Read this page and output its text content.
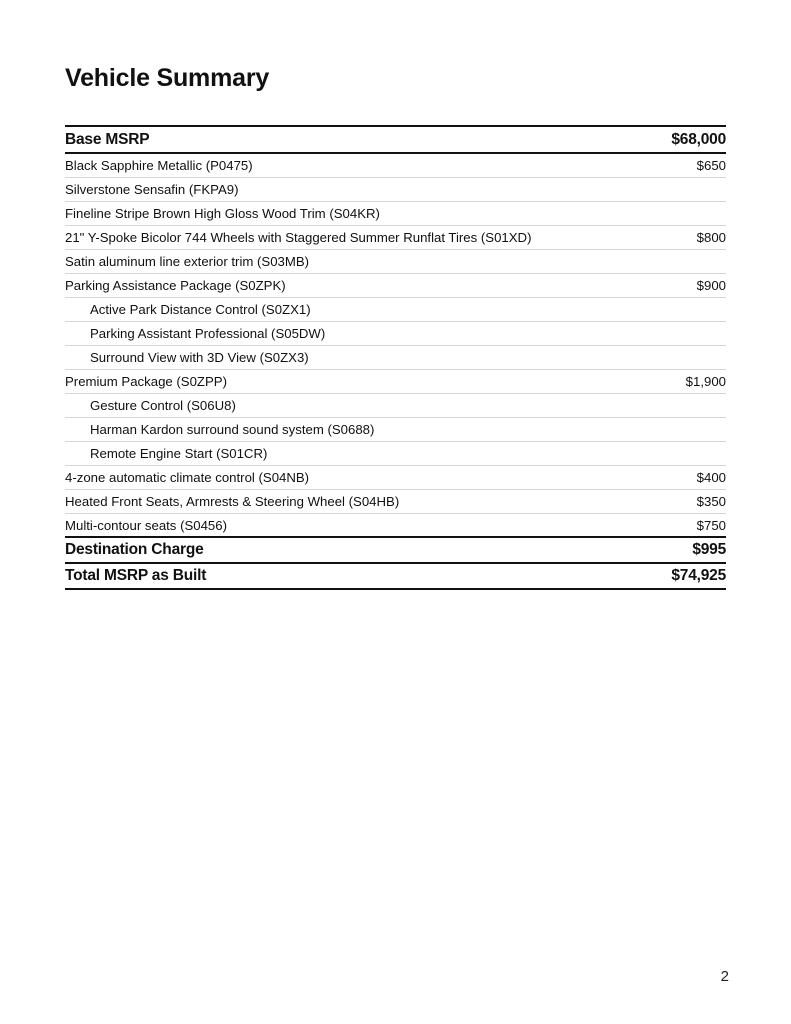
Vehicle Summary
Base MSRP	$68,000
Black Sapphire Metallic (P0475)	$650
Silverstone Sensafin (FKPA9)
Fineline Stripe Brown High Gloss Wood Trim (S04KR)
21" Y-Spoke Bicolor 744 Wheels with Staggered Summer Runflat Tires (S01XD)	$800
Satin aluminum line exterior trim (S03MB)
Parking Assistance Package (S0ZPK)	$900
Active Park Distance Control (S0ZX1)
Parking Assistant Professional (S05DW)
Surround View with 3D View (S0ZX3)
Premium Package (S0ZPP)	$1,900
Gesture Control (S06U8)
Harman Kardon surround sound system (S0688)
Remote Engine Start (S01CR)
4-zone automatic climate control (S04NB)	$400
Heated Front Seats, Armrests & Steering Wheel (S04HB)	$350
Multi-contour seats (S0456)	$750
Destination Charge	$995
Total MSRP as Built	$74,925
2
